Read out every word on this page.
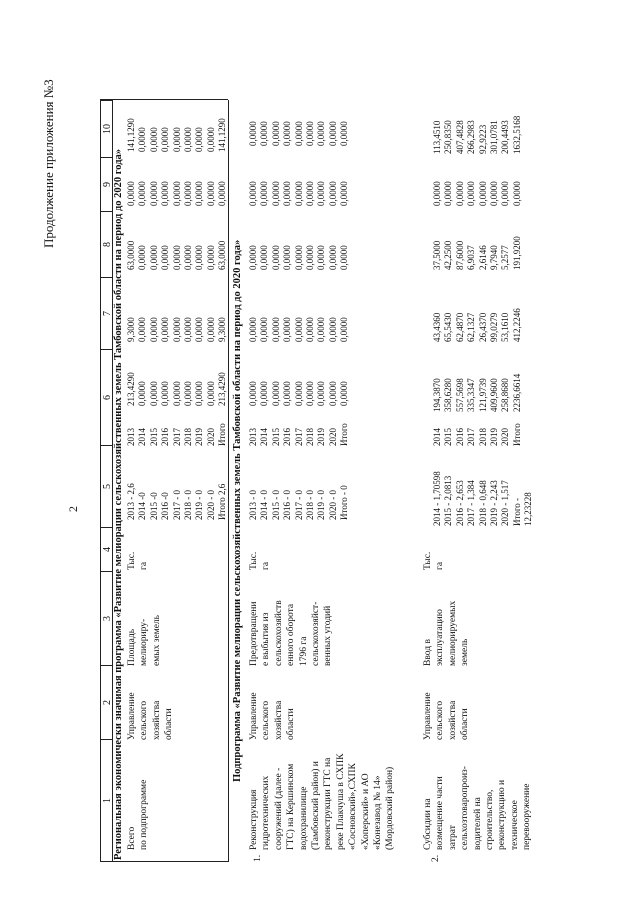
2
Продолжение приложения №3
1
2
3
4
5
6
7
8
9
10
Региональная экономически значимая программа «Развитие мелиорации сельскохозяйственных земель Тамбовской области на период до 2020 года» Всего
по подпрограмме
Управление
сельского
хозяйства
области
Площадь
мелиориру-
емых земель
Тыс.
га
2013 - 2,6
2014 -0
2015 -0
2016 -0
2017 - 0
2018 - 0
2019 - 0
2020 - 0
Итого 2,6
2013
2014
2015
2016
2017
2018
2019
2020
Итого
213,4290
0,0000
0,0000
0,0000
0,0000
0,0000
0,0000
0,0000
213,4290
9,3000
0,0000
0,0000
0,0000
0,0000
0,0000
0,0000
0,0000
9,3000
63,0000
0,0000
0,0000
0,0000
0,0000
0,0000
0,0000
0,0000
63,0000
0,0000
0,0000
0,0000
0,0000
0,0000
0,0000
0,0000
0,0000
0,0000
141,1290
0,0000
0,0000
0,0000
0,0000
0,0000
0,0000
0,0000
141,1290
Подпрограмма «Развитие мелиорации сельскохозяйственных земель Тамбовской области на период до 2020 года»
1.
Реконструкция
гидротехнических
сооружений (далее -
ГТС) на Кершинском
водохранилище
(Тамбовский район) и
реконструкции ГТС на
реке Плакчуша в СХПК
«Сосновский»,СХПК
«Хоперский» и АО
«Конезавод № 14»
(Мордовский район)
Управление
сельского
хозяйства
области
Предотвращени
е выбытия из
сельскохозяйств
енного оборота
1796 га
сельскохозяйст-
венных угодий
Тыс.
га
2013 - 0
2014 - 0
2015 - 0
2016 - 0
2017 - 0
2018 - 0
2019 - 0
2020 - 0
Итого - 0
2013
2014
2015
2016
2017
2018
2019
2020
Итого
0,0000
0,0000
0,0000
0,0000
0,0000
0,0000
0,0000
0,0000
0,0000
0,0000
0,0000
0,0000
0,0000
0,0000
0,0000
0,0000
0,0000
0,0000
0,0000
0,0000
0,0000
0,0000
0,0000
0,0000
0,0000
0,0000
0,0000
0,0000
0,0000
0,0000
0,0000
0,0000
0,0000
0,0000
0,0000
0,0000
0,0000
0,0000
0,0000
0,0000
0,0000
0,0000
0,0000
0,0000
0,0000
2.
Субсидии на
возмещение части
затрат
сельхозтоваропроиз-
водителей на
строительство,
реконструкцию и
техническое
перевооружение
Управление
сельского
хозяйства
области
Ввод в
эксплуатацию
мелиорируемых
земель
Тыс.
га
2014 - 1,70598
2015 - 2,0813
2016 - 2,653
2017 - 1,384
2018 - 0,648
2019 - 2,243
2020 - 1,517
Итого -
12,23228
2014
2015
2016
2017
2018
2019
2020
Итого
194,3870
358,6280
557,5698
335,3347
121,9739
409,9600
258,8680
2236,6614
43,4360
65,5430
62,4870
62,1327
26,4370
99,0279
53,1610
412,2246
37,5000
42,2500
87,6000
6,9037
2,6146
9,7940
5,2577
191,9200
0,0000
0,0000
0,0000
0,0000
0,0000
0,0000
0,0000
0,0000
113,4510
250,8350
407,4828
266,2983
92,9223
301,0781
200,4493
1632,5168
